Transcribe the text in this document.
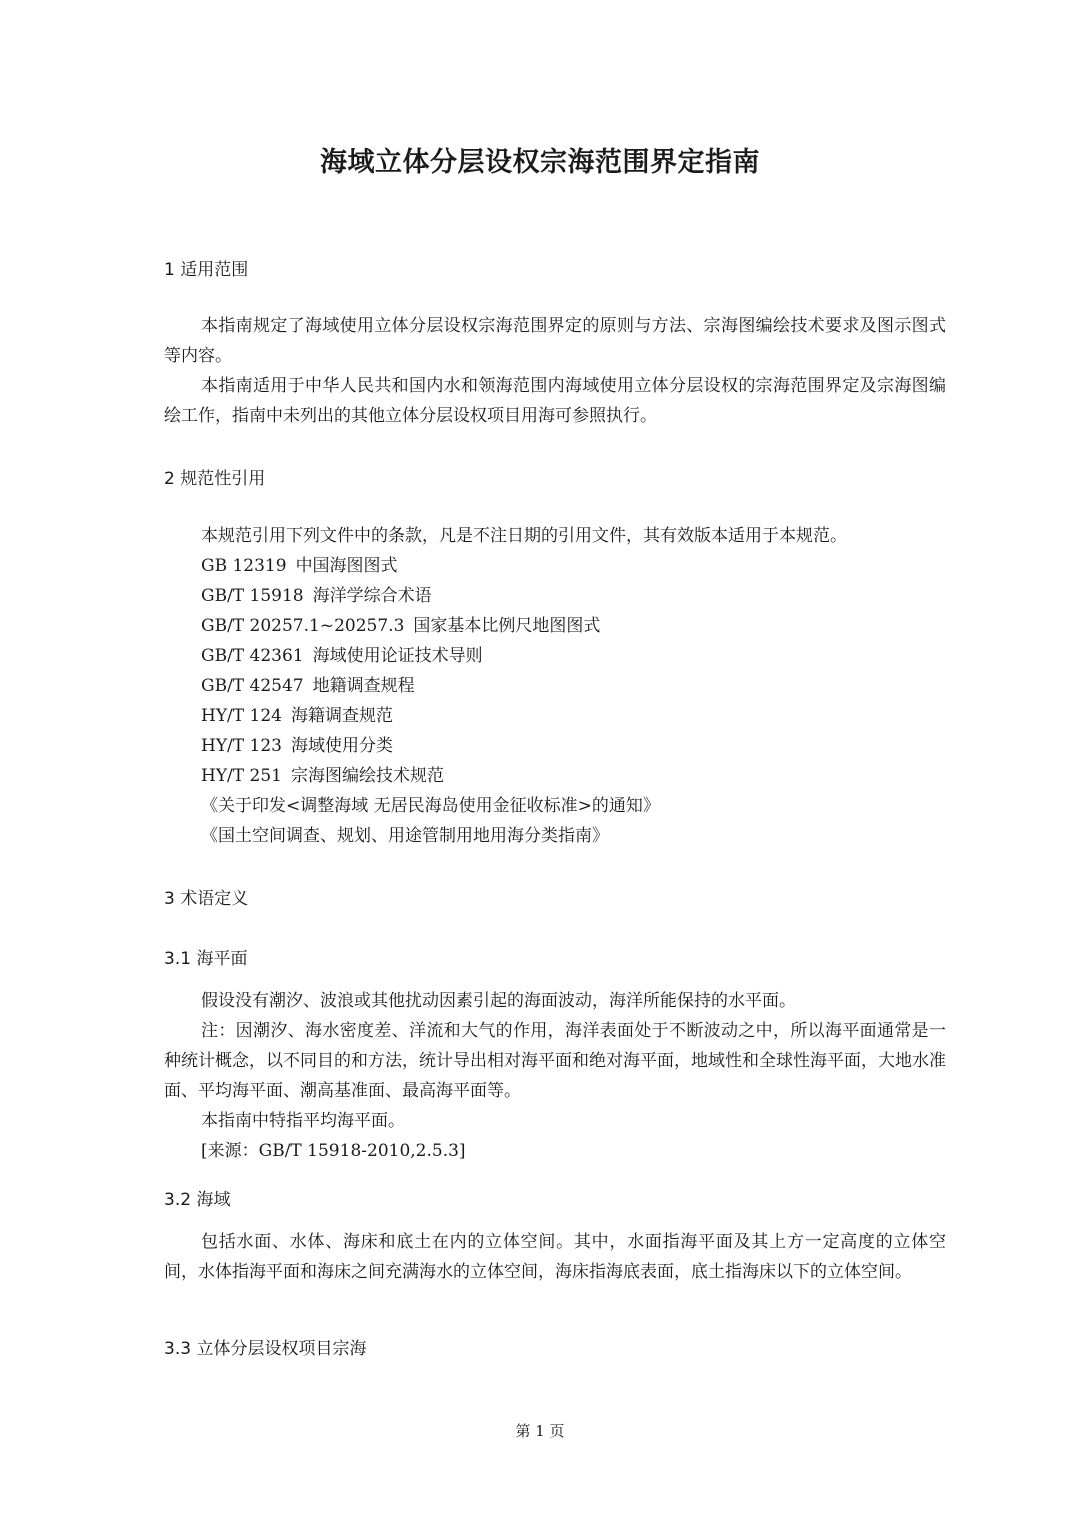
海域立体分层设权宗海范围界定指南
1 适用范围

本指南规定了海域使用立体分层设权宗海范围界定的原则与方法、宗海图编绘技术要求及图示图式等内容。

本指南适用于中华人民共和国内水和领海范围内海域使用立体分层设权的宗海范围界定及宗海图编绘工作，指南中未列出的其他立体分层设权项目用海可参照执行。

2 规范性引用

本规范引用下列文件中的条款，凡是不注日期的引用文件，其有效版本适用于本规范。

GB 12319 中国海图图式
GB/T 15918 海洋学综合术语
GB/T 20257.1~20257.3 国家基本比例尺地图图式
GB/T 42361 海域使用论证技术导则
GB/T 42547 地籍调查规程
HY/T 124 海籍调查规范
HY/T 123 海域使用分类
HY/T 251 宗海图编绘技术规范
《关于印发<调整海域 无居民海岛使用金征收标准>的通知》
《国土空间调查、规划、用途管制用地用海分类指南》
3 术语定义
3.1 海平面

假设没有潮汐、波浪或其他扰动因素引起的海面波动，海洋所能保持的水平面。

注：因潮汐、海水密度差、洋流和大气的作用，海洋表面处于不断波动之中，所以海平面通常是一种统计概念，以不同目的和方法，统计导出相对海平面和绝对海平面，地域性和全球性海平面，大地水准面、平均海平面、潮高基准面、最高海平面等。

本指南中特指平均海平面。

[来源：GB/T 15918-2010,2.5.3]

3.2 海域

包括水面、水体、海床和底土在内的立体空间。其中，水面指海平面及其上方一定高度的立体空间，水体指海平面和海床之间充满海水的立体空间，海床指海底表面，底土指海床以下的立体空间。

3.3 立体分层设权项目宗海
第 1 页
